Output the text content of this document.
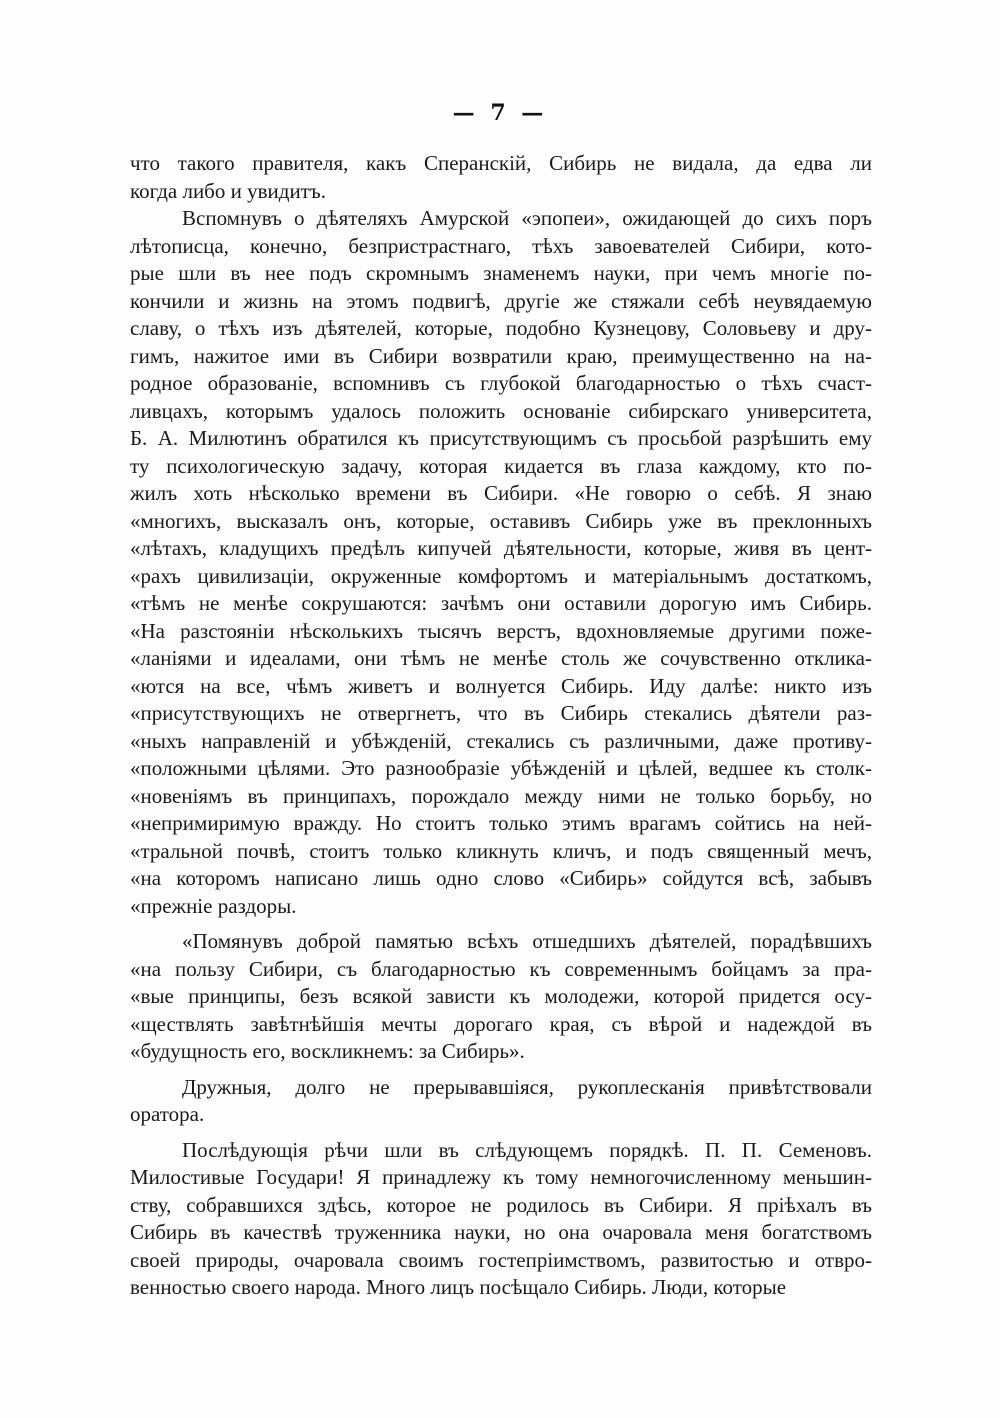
— 7 —
что такого правителя, какъ Сперанскій, Сибирь не видала, да едва ли
когда либо и увидитъ.
Вспомнувъ о дѣятеляхъ Амурской «эпопеи», ожидающей до сихъ поръ
лѣтописца, конечно, безпристрастнаго, тѣхъ завоевателей Сибири, кото-
рые шли въ нее подъ скромнымъ знаменемъ науки, при чемъ многіе по-
кончили и жизнь на этомъ подвигѣ, другіе же стяжали себѣ неувядаемую
славу, о тѣхъ изъ дѣятелей, которые, подобно Кузнецову, Соловьеву и дру-
гимъ, нажитое ими въ Сибири возвратили краю, преимущественно на на-
родное образованіе, вспомнивъ съ глубокой благодарностью о тѣхъ счаст-
ливцахъ, которымъ удалось положить основаніе сибирскаго университета,
Б. А. Милютинъ обратился къ присутствующимъ съ просьбой разрѣшить ему
ту психологическую задачу, которая кидается въ глаза каждому, кто по-
жилъ хоть нѣсколько времени въ Сибири. «Не говорю о себѣ. Я знаю
«многихъ, высказалъ онъ, которые, оставивъ Сибирь уже въ преклонныхъ
«лѣтахъ, кладущихъ предѣлъ кипучей дѣятельности, которые, живя въ цент-
«рахъ цивилизаціи, окруженные комфортомъ и матеріальнымъ достаткомъ,
«тѣмъ не менѣе сокрушаются: зачѣмъ они оставили дорогую имъ Сибирь.
«На разстояніи нѣсколькихъ тысячъ верстъ, вдохновляемые другими поже-
«ланіями и идеалами, они тѣмъ не менѣе столь же сочувственно отклика-
«ются на все, чѣмъ живетъ и волнуется Сибирь. Иду далѣе: никто изъ
«присутствующихъ не отвергнетъ, что въ Сибирь стекались дѣятели раз-
«ныхъ направленій и убѣжденій, стекались съ различными, даже противу-
«положными цѣлями. Это разнообразіе убѣжденій и цѣлей, ведшее къ столк-
«новеніямъ въ принципахъ, порождало между ними не только борьбу, но
«непримиримую вражду. Но стоитъ только этимъ врагамъ сойтись на ней-
«тральной почвѣ, стоитъ только кликнуть кличъ, и подъ священный мечъ,
«на которомъ написано лишь одно слово «Сибирь» сойдутся всѣ, забывъ
«прежніе раздоры.
«Помянувъ доброй памятью всѣхъ отшедшихъ дѣятелей, порадѣвшихъ
«на пользу Сибири, съ благодарностью къ современнымъ бойцамъ за пра-
«вые принципы, безъ всякой зависти къ молодежи, которой придется осу-
«ществлять завѣтнѣйшія мечты дорогаго края, съ вѣрой и надеждой въ
«будущность его, воскликнемъ: за Сибирь».
Дружныя, долго не прерывавшіяся, рукоплесканія привѣтствовали
оратора.
Послѣдующія рѣчи шли въ слѣдующемъ порядкѣ. П. П. Семеновъ.
Милостивые Государи! Я принадлежу къ тому немногочисленному меньшин-
ству, собравшихся здѣсь, которое не родилось въ Сибири. Я пріѣхалъ въ
Сибирь въ качествѣ труженника науки, но она очаровала меня богатствомъ
своей природы, очаровала своимъ гостепріимствомъ, развитостью и отвро-
венностью своего народа. Много лицъ посѣщало Сибирь. Люди, которые
